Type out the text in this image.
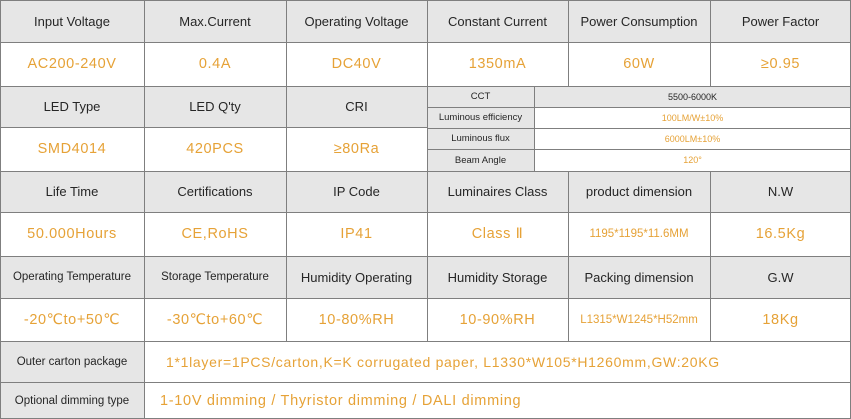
Input Voltage	Max.Current	Operating Voltage	Constant Current	Power Consumption	Power Factor
AC200-240V	0.4A	DC40V	1350mA	60W	≥0.95
LED Type	LED Q'ty	CRI
SMD4014	420PCS	≥80Ra
CCT	5500-6000K
Luminous efficiency	100LM/W±10%
Luminous flux	6000LM±10%
Beam Angle	120°
Life Time	Certifications	IP Code	Luminaires Class	product dimension	N.W
50.000Hours	CE,RoHS	IP41	Class Ⅱ	1195*1195*11.6MM	16.5Kg
Operating Temperature	Storage Temperature	Humidity Operating	Humidity Storage	Packing dimension	G.W
-20℃to+50℃	-30℃to+60℃	10-80%RH	10-90%RH	L1315*W1245*H52mm	18Kg
Outer carton package	1*1layer=1PCS/carton,K=K corrugated paper, L1330*W105*H1260mm,GW:20KG
Optional dimming type	1-10V dimming / Thyristor dimming / DALI dimming
